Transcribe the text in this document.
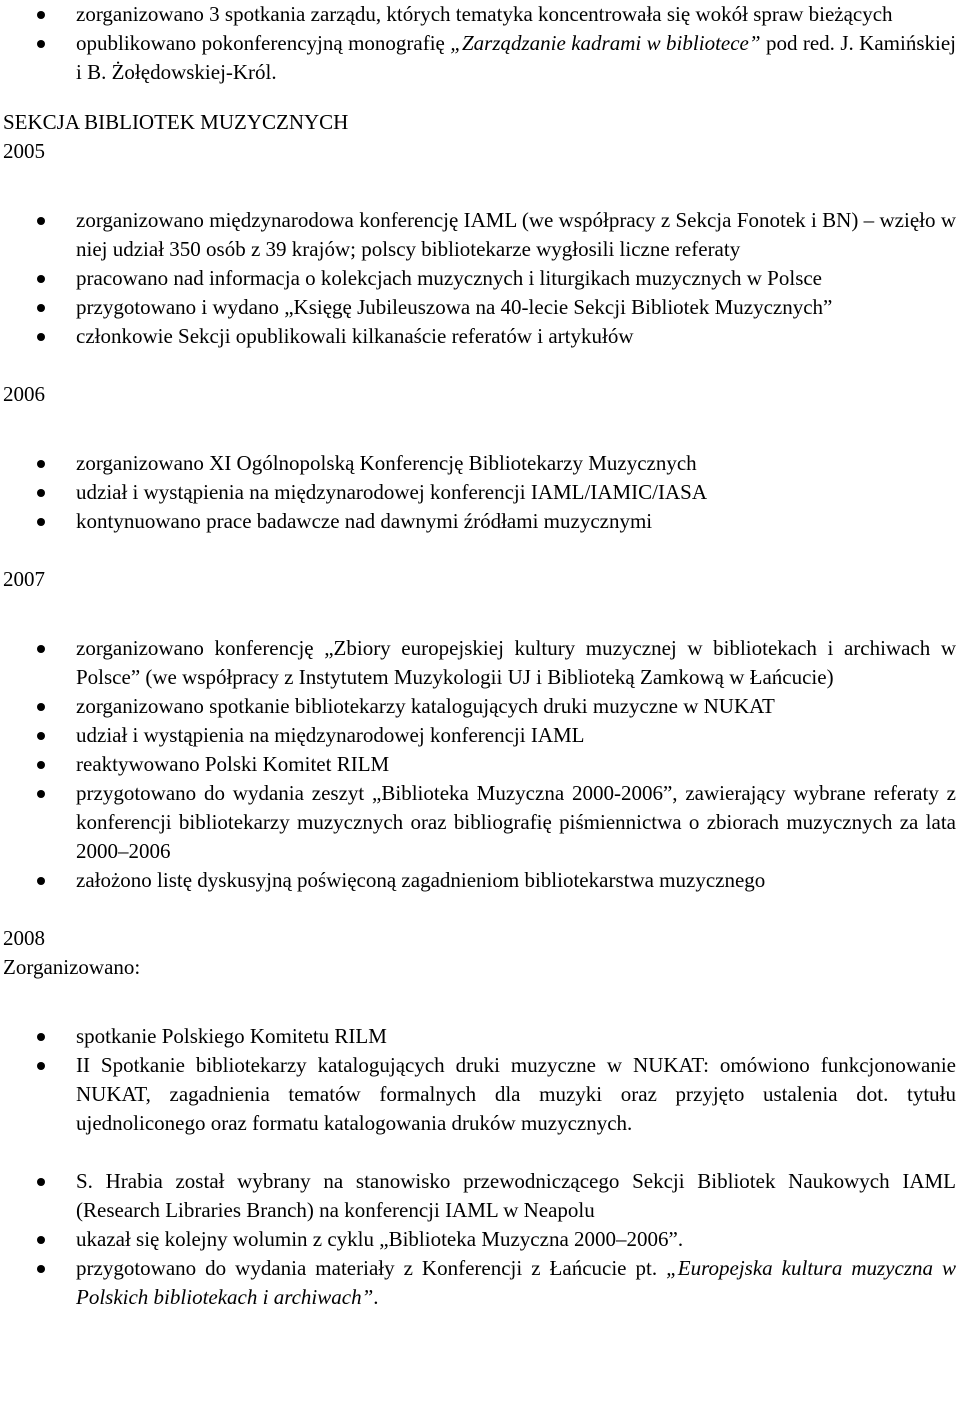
zorganizowano 3 spotkania zarządu, których tematyka koncentrowała się wokół spraw bieżących
opublikowano pokonferencyjną monografię „Zarządzanie kadrami w bibliotece” pod red. J. Kamińskiej i B. Żołędowskiej-Król.
SEKCJA BIBLIOTEK MUZYCZNYCH
2005
zorganizowano międzynarodowa konferencję IAML (we współpracy z Sekcja Fonotek i BN) – wzięło w niej udział 350 osób z 39 krajów; polscy bibliotekarze wygłosili liczne referaty
pracowano nad informacja o kolekcjach muzycznych i liturgikach muzycznych w Polsce
przygotowano i wydano „Księgę Jubileuszowa na 40-lecie Sekcji Bibliotek Muzycznych”
członkowie Sekcji opublikowali kilkanaście referatów i artykułów
2006
zorganizowano XI Ogólnopolską Konferencję Bibliotekarzy Muzycznych
udział i wystąpienia na międzynarodowej konferencji IAML/IAMIC/IASA
kontynuowano prace badawcze nad dawnymi źródłami muzycznymi
2007
zorganizowano konferencję „Zbiory europejskiej kultury muzycznej w bibliotekach i archiwach w Polsce” (we współpracy z Instytutem Muzykologii UJ i Biblioteką Zamkową w Łańcucie)
zorganizowano spotkanie bibliotekarzy katalogujących druki muzyczne w NUKAT
udział i wystąpienia na międzynarodowej konferencji IAML
reaktywowano Polski Komitet RILM
przygotowano do wydania zeszyt „Biblioteka Muzyczna 2000-2006”, zawierający wybrane referaty z konferencji bibliotekarzy muzycznych oraz bibliografię piśmiennictwa o zbiorach muzycznych za lata 2000–2006
założono listę dyskusyjną poświęconą zagadnieniom bibliotekarstwa muzycznego
2008
Zorganizowano:
spotkanie Polskiego Komitetu RILM
II Spotkanie bibliotekarzy katalogujących druki muzyczne w NUKAT: omówiono funkcjonowanie NUKAT, zagadnienia tematów formalnych dla muzyki oraz przyjęto ustalenia dot. tytułu ujednoliconego oraz formatu katalogowania druków muzycznych.
S. Hrabia został wybrany na stanowisko przewodniczącego Sekcji Bibliotek Naukowych IAML (Research Libraries Branch) na konferencji IAML w Neapolu
ukazał się kolejny wolumin z cyklu „Biblioteka Muzyczna 2000–2006”.
przygotowano do wydania materiały z Konferencji z Łańcucie pt. „Europejska kultura muzyczna w Polskich bibliotekach i archiwach”.
